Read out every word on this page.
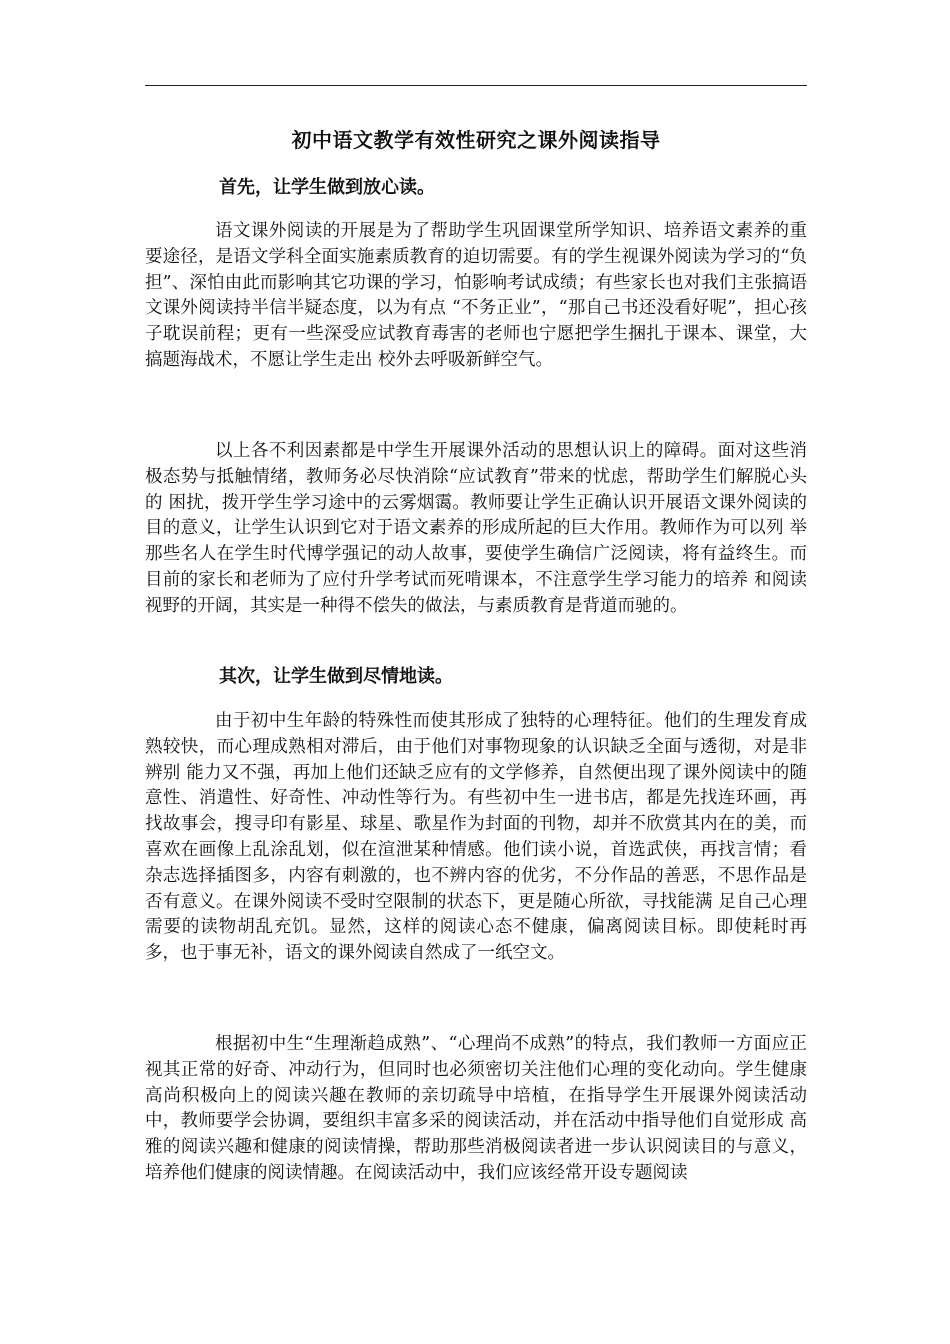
初中语文教学有效性研究之课外阅读指导
首先，让学生做到放心读。

语文课外阅读的开展是为了帮助学生巩固课堂所学知识、培养语文素养的重要途径，是语文学科全面实施素质教育的迫切需要。有的学生视课外阅读为学习的“负 担”、深怕由此而影响其它功课的学习，怕影响考试成绩；有些家长也对我们主张搞语文课外阅读持半信半疑态度，以为有点 “不务正业”，“那自己书还没看好呢”，担心孩子耽误前程；更有一些深受应试教育毒害的老师也宁愿把学生捆扎于课本、课堂，大搞题海战术，不愿让学生走出 校外去呼吸新鲜空气。

以上各不利因素都是中学生开展课外活动的思想认识上的障碍。面对这些消极态势与抵触情绪，教师务必尽快消除“应试教育”带来的忧虑，帮助学生们解脱心头的 困扰，拨开学生学习途中的云雾烟霭。教师要让学生正确认识开展语文课外阅读的目的意义，让学生认识到它对于语文素养的形成所起的巨大作用。教师作为可以列 举那些名人在学生时代博学强记的动人故事，要使学生确信广泛阅读，将有益终生。而目前的家长和老师为了应付升学考试而死啃课本，不注意学生学习能力的培养 和阅读视野的开阔，其实是一种得不偿失的做法，与素质教育是背道而驰的。

其次，让学生做到尽情地读。

由于初中生年龄的特殊性而使其形成了独特的心理特征。他们的生理发育成熟较快，而心理成熟相对滞后，由于他们对事物现象的认识缺乏全面与透彻，对是非辨别 能力又不强，再加上他们还缺乏应有的文学修养，自然便出现了课外阅读中的随意性、消遣性、好奇性、冲动性等行为。有些初中生一进书店，都是先找连环画，再 找故事会，搜寻印有影星、球星、歌星作为封面的刊物，却并不欣赏其内在的美，而喜欢在画像上乱涂乱划，似在渲泄某种情感。他们读小说，首选武侠，再找言情；看杂志选择插图多，内容有刺激的，也不辨内容的优劣，不分作品的善恶，不思作品是否有意义。在课外阅读不受时空限制的状态下，更是随心所欲，寻找能满 足自己心理需要的读物胡乱充饥。显然，这样的阅读心态不健康，偏离阅读目标。即使耗时再多，也于事无补，语文的课外阅读自然成了一纸空文。

根据初中生“生理渐趋成熟”、“心理尚不成熟”的特点，我们教师一方面应正视其正常的好奇、冲动行为，但同时也必须密切关注他们心理的变化动向。学生健康 高尚积极向上的阅读兴趣在教师的亲切疏导中培植，在指导学生开展课外阅读活动中，教师要学会协调，要组织丰富多采的阅读活动，并在活动中指导他们自觉形成 高雅的阅读兴趣和健康的阅读情操，帮助那些消极阅读者进一步认识阅读目的与意义，培养他们健康的阅读情趣。在阅读活动中，我们应该经常开设专题阅读
